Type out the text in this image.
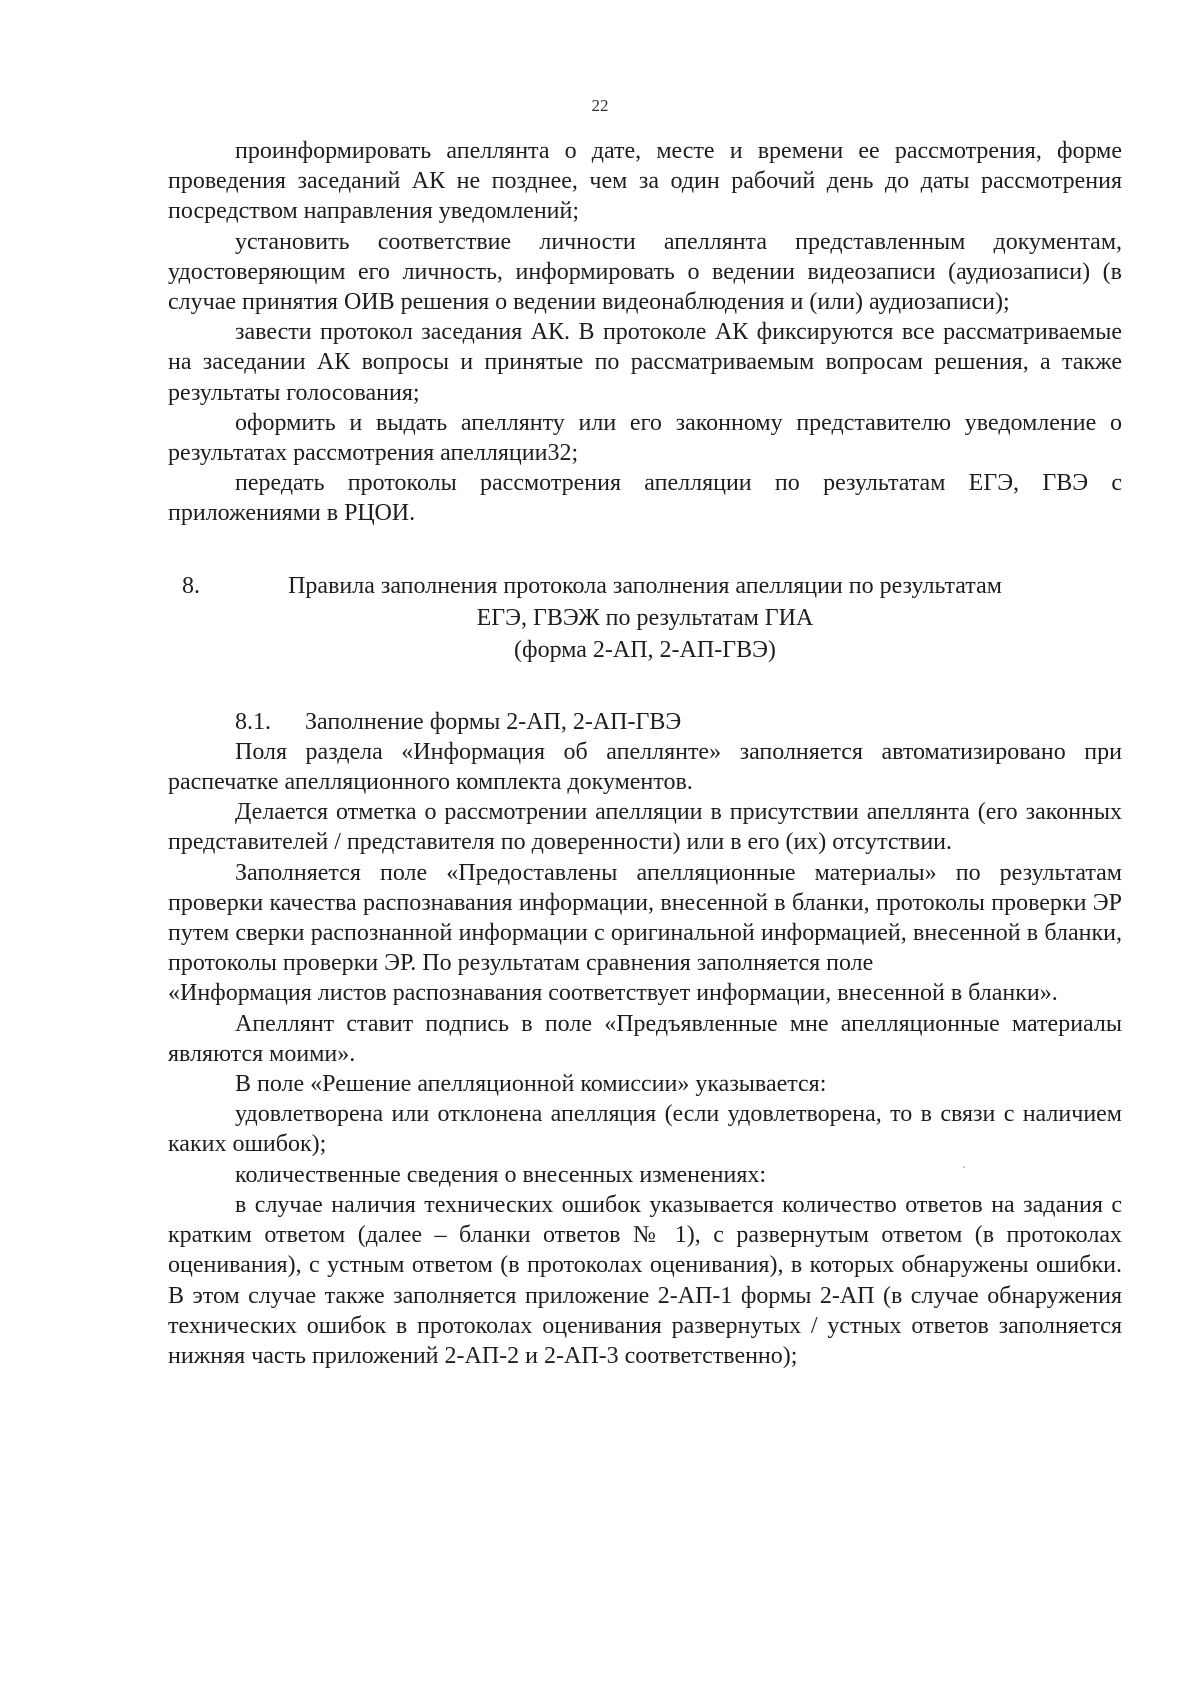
22

проинформировать апеллянта о дате, месте и времени ее рассмотрения, форме проведения заседаний АК не позднее, чем за один рабочий день до даты рассмотрения посредством направления уведомлений;

установить соответствие личности апеллянта представленным документам, удостоверяющим его личность, информировать о ведении видеозаписи (аудиозаписи) (в случае принятия ОИВ решения о ведении видеонаблюдения и (или) аудиозаписи);

завести протокол заседания АК. В протоколе АК фиксируются все рассматриваемые на заседании АК вопросы и принятые по рассматриваемым вопросам решения, а также результаты голосования;

оформить и выдать апеллянту или его законному представителю уведомление о результатах рассмотрения апелляции32;

передать протоколы рассмотрения апелляции по результатам ЕГЭ, ГВЭ с приложениями в РЦОИ.

8.	Правила заполнения протокола заполнения апелляции по результатам
ЕГЭ, ГВЭЖ по результатам ГИА
(форма 2-АП, 2-АП-ГВЭ)

8.1. Заполнение формы 2-АП, 2-АП-ГВЭ

Поля раздела «Информация об апеллянте» заполняется автоматизировано при распечатке апелляционного комплекта документов.

Делается отметка о рассмотрении апелляции в присутствии апеллянта (его законных представителей / представителя по доверенности) или в его (их) отсутствии.

Заполняется поле «Предоставлены апелляционные материалы» по результатам проверки качества распознавания информации, внесенной в бланки, протоколы проверки ЭР путем сверки распознанной информации с оригинальной информацией, внесенной в бланки, протоколы проверки ЭР. По результатам сравнения заполняется поле

«Информация листов распознавания соответствует информации, внесенной в бланки».

Апеллянт ставит подпись в поле «Предъявленные мне апелляционные материалы являются моими».

В поле «Решение апелляционной комиссии» указывается:

удовлетворена или отклонена апелляция (если удовлетворена, то в связи с наличием каких ошибок);

количественные сведения о внесенных изменениях:

в случае наличия технических ошибок указывается количество ответов на задания с кратким ответом (далее – бланки ответов № 1), с развернутым ответом (в протоколах оценивания), с устным ответом (в протоколах оценивания), в которых обнаружены ошибки. В этом случае также заполняется приложение 2-АП-1 формы 2-АП (в случае обнаружения технических ошибок в протоколах оценивания развернутых / устных ответов заполняется нижняя часть приложений 2-АП-2 и 2-АП-3 соответственно);
